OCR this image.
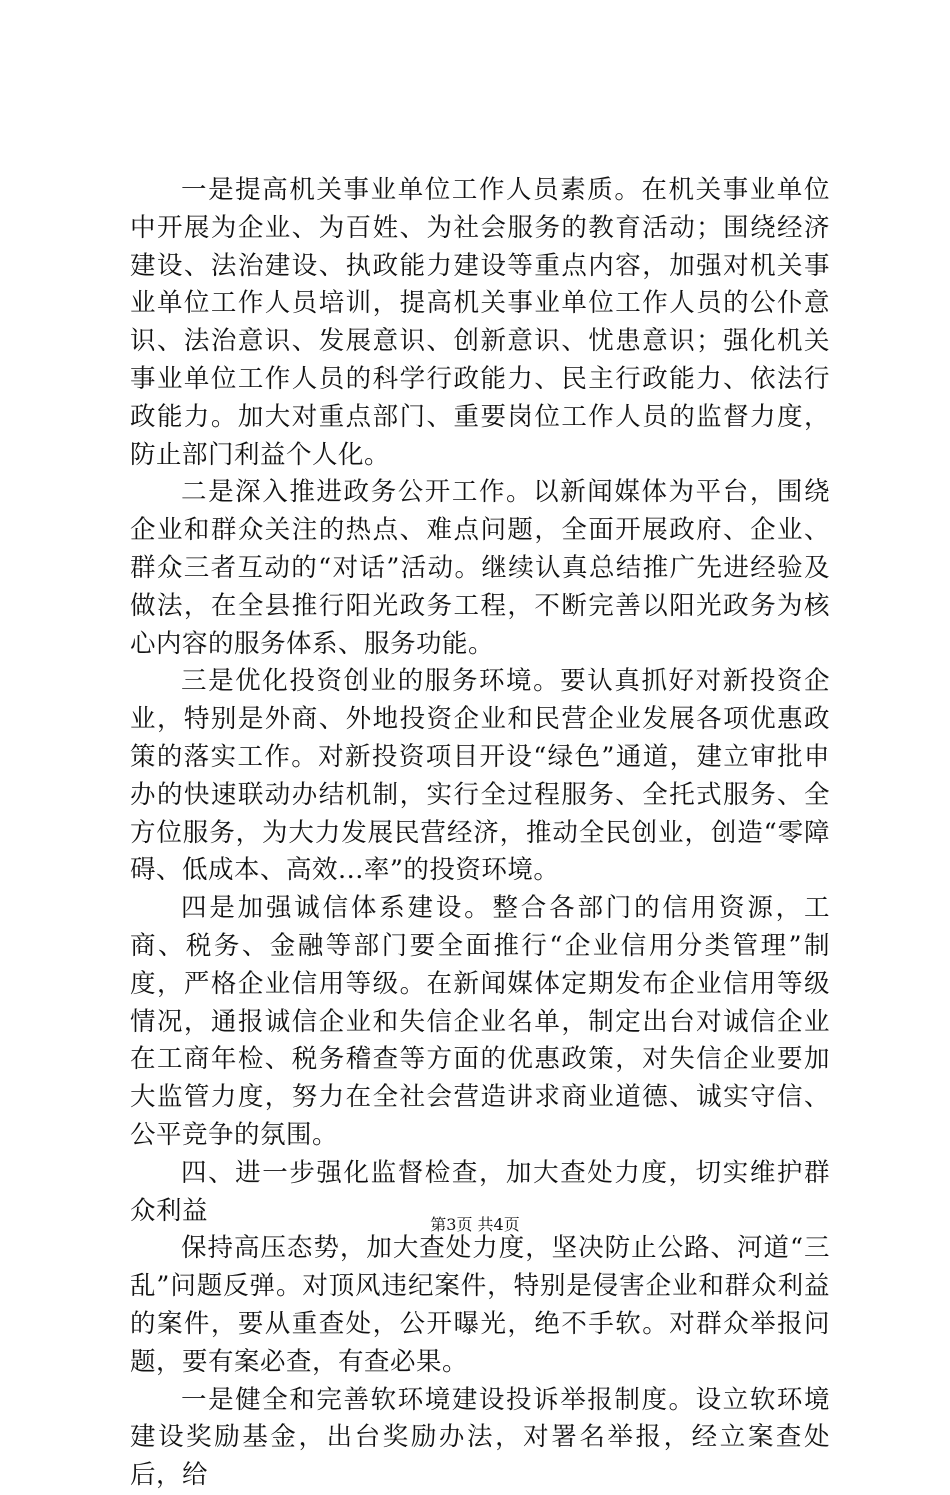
一是提高机关事业单位工作人员素质。在机关事业单位中开展为企业、为百姓、为社会服务的教育活动；围绕经济建设、法治建设、执政能力建设等重点内容，加强对机关事业单位工作人员培训，提高机关事业单位工作人员的公仆意识、法治意识、发展意识、创新意识、忧患意识；强化机关事业单位工作人员的科学行政能力、民主行政能力、依法行政能力。加大对重点部门、重要岗位工作人员的监督力度，防止部门利益个人化。

二是深入推进政务公开工作。以新闻媒体为平台，围绕企业和群众关注的热点、难点问题，全面开展政府、企业、群众三者互动的“对话”活动。继续认真总结推广先进经验及做法，在全县推行阳光政务工程，不断完善以阳光政务为核心内容的服务体系、服务功能。

三是优化投资创业的服务环境。要认真抓好对新投资企业，特别是外商、外地投资企业和民营企业发展各项优惠政策的落实工作。对新投资项目开设“绿色”通道，建立审批申办的快速联动办结机制，实行全过程服务、全托式服务、全方位服务，为大力发展民营经济，推动全民创业，创造“零障碍、低成本、高效...率”的投资环境。

四是加强诚信体系建设。整合各部门的信用资源，工商、税务、金融等部门要全面推行“企业信用分类管理”制度，严格企业信用等级。在新闻媒体定期发布企业信用等级情况，通报诚信企业和失信企业名单，制定出台对诚信企业在工商年检、税务稽查等方面的优惠政策，对失信企业要加大监管力度，努力在全社会营造讲求商业道德、诚实守信、公平竞争的氛围。

四、进一步强化监督检查，加大查处力度，切实维护群众利益

保持高压态势，加大查处力度，坚决防止公路、河道“三乱”问题反弹。对顶风违纪案件，特别是侵害企业和群众利益的案件，要从重查处，公开曝光，绝不手软。对群众举报问题，要有案必查，有查必果。

一是健全和完善软环境建设投诉举报制度。设立软环境建设奖励基金，出台奖励办法，对署名举报，经立案查处后，给

第3页 共4页
